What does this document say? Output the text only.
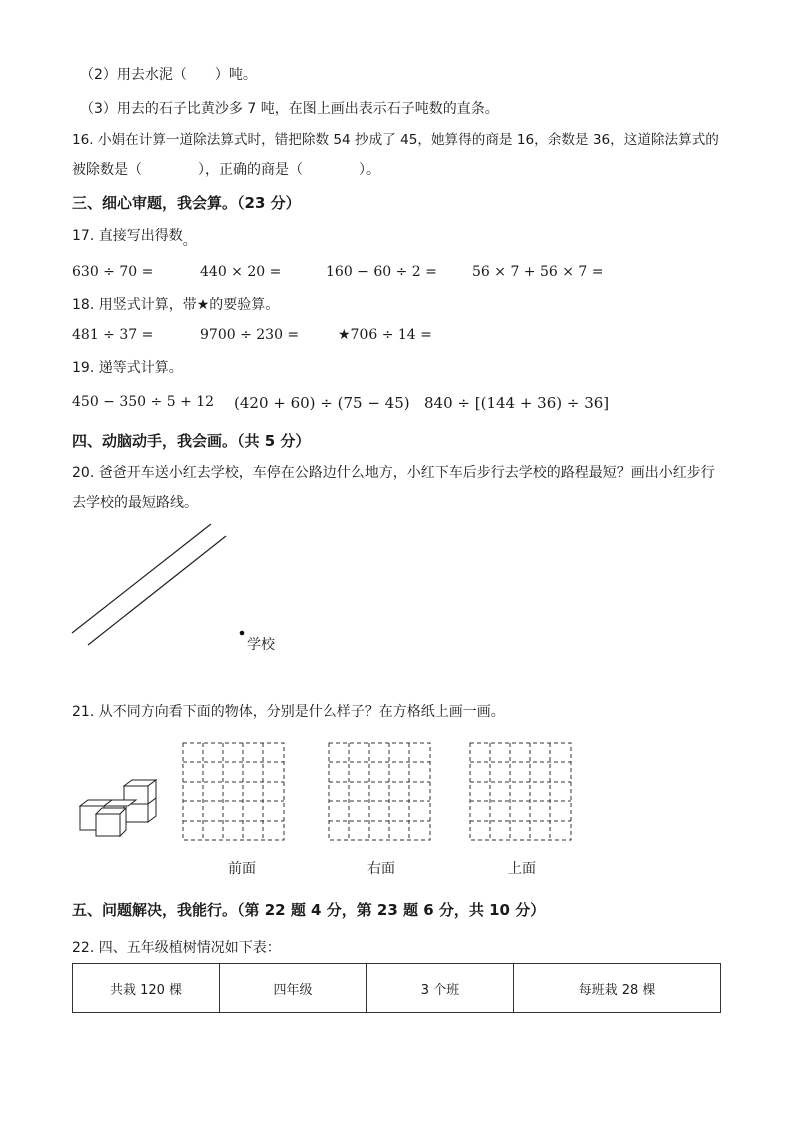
（2）用去水泥（　　）吨。
（3）用去的石子比黄沙多 7 吨，在图上画出表示石子吨数的直条。
16. 小娟在计算一道除法算式时，错把除数 54 抄成了 45，她算得的商是 16，余数是 36，这道除法算式的
被除数是（　　　　），正确的商是（　　　　）。
三、细心审题，我会算。（23 分）
17. 直接写出得数。
630 ÷ 70 =	440 × 20 =	160 − 60 ÷ 2 =	56 × 7 + 56 × 7 =
18. 用竖式计算，带★的要验算。
481 ÷ 37 =	9700 ÷ 230 =	★706 ÷ 14 =
19. 递等式计算。
450 − 350 ÷ 5 + 12 (420 + 60) ÷ (75 − 45) 840 ÷ [(144 + 36) ÷ 36]
四、动脑动手，我会画。（共 5 分）
20. 爸爸开车送小红去学校，车停在公路边什么地方，小红下车后步行去学校的路程最短？画出小红步行
去学校的最短路线。
学校
21. 从不同方向看下面的物体，分别是什么样子？在方格纸上画一画。
前面	右面	上面
五、问题解决，我能行。（第 22 题 4 分，第 23 题 6 分，共 10 分）
22. 四、五年级植树情况如下表：
共栽 120 棵	四年级	3 个班	每班栽 28 棵
